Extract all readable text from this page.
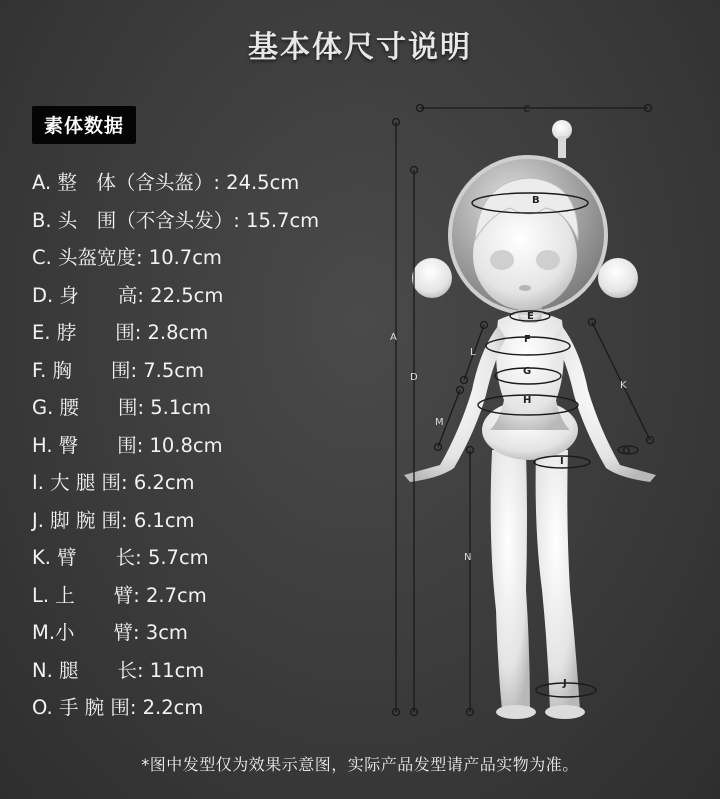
基本体尺寸说明
素体数据
A. 整　体（含头盔）: 24.5cm
B. 头　围（不含头发）: 15.7cm
C. 头盔宽度: 10.7cm
D. 身　　高: 22.5cm
E. 脖　　围: 2.8cm
F. 胸　　围: 7.5cm
G. 腰　　围: 5.1cm
H. 臀　　围: 10.8cm
I. 大 腿 围: 6.2cm
J. 脚 腕 围: 6.1cm
K. 臂　　长: 5.7cm
L. 上　　臂: 2.7cm
M.小　　臂: 3cm
N. 腿　　长: 11cm
O. 手 腕 围: 2.2cm
C
A
D
B
E
F
G
H
I
J
K
L
M
N
O
*图中发型仅为效果示意图，实际产品发型请产品实物为准。
